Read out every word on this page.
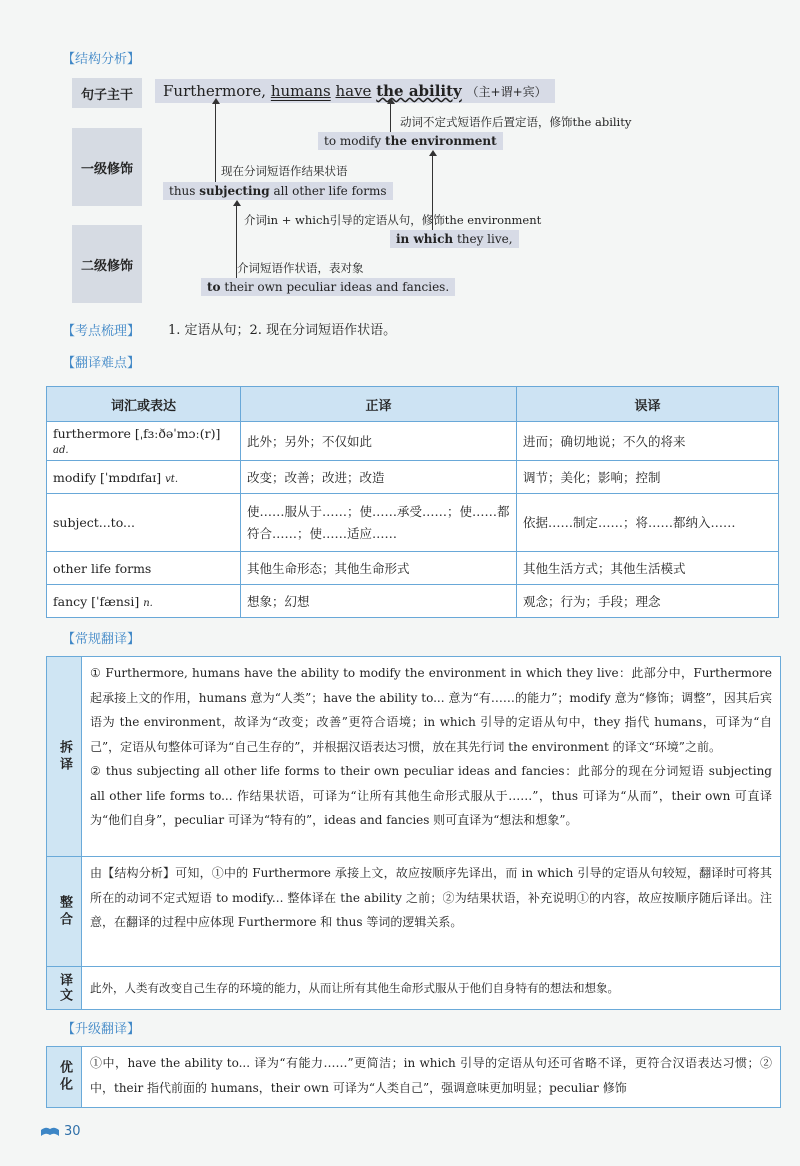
【结构分析】
句子主干
一级修饰
二级修饰
Furthermore, humans have the ability （主+谓+宾）
动词不定式短语作后置定语，修饰the ability
to modify the environment
现在分词短语作结果状语
thus subjecting all other life forms
介词in + which引导的定语从句，修饰the environment
in which they live,
介词短语作状语，表对象
to their own peculiar ideas and fancies.
【考点梳理】 1. 定语从句；2. 现在分词短语作状语。
【翻译难点】
词汇或表达	正译	误译
furthermore [ˌfɜːðəˈmɔː(r)] ad.	此外；另外；不仅如此	进而；确切地说；不久的将来
modify [ˈmɒdɪfaɪ] vt.	改变；改善；改进；改造	调节；美化；影响；控制
subject...to...	使……服从于……；使……承受……；使……都符合……；使……适应……	依据……制定……；将……都纳入……
other life forms	其他生命形态；其他生命形式	其他生活方式；其他生活模式
fancy [ˈfænsi] n.	想象；幻想	观念；行为；手段；理念
【常规翻译】
拆译

① Furthermore, humans have the ability to modify the environment in which they live：此部分中，Furthermore起承接上文的作用，humans 意为“人类”；have the ability to... 意为“有……的能力”；modify 意为“修饰；调整”，因其后宾语为 the environment，故译为“改变；改善”更符合语境；in which 引导的定语从句中，they 指代 humans，可译为“自己”，定语从句整体可译为“自己生存的”，并根据汉语表达习惯，放在其先行词 the environment 的译文“环境”之前。

② thus subjecting all other life forms to their own peculiar ideas and fancies：此部分的现在分词短语 subjecting all other life forms to... 作结果状语，可译为“让所有其他生命形式服从于……”，thus 可译为“从而”，their own 可直译为“他们自身”，peculiar 可译为“特有的”，ideas and fancies 则可直译为“想法和想象”。

整合

由【结构分析】可知，①中的 Furthermore 承接上文，故应按顺序先译出，而 in which 引导的定语从句较短，翻译时可将其所在的动词不定式短语 to modify... 整体译在 the ability 之前；②为结果状语，补充说明①的内容，故应按顺序随后译出。注意，在翻译的过程中应体现 Furthermore 和 thus 等词的逻辑关系。

译文 此外，人类有改变自己生存的环境的能力，从而让所有其他生命形式服从于他们自身特有的想法和想象。

【升级翻译】
优化 ①中，have the ability to... 译为“有能力……”更简洁；in which 引导的定语从句还可省略不译，更符合汉语表达习惯；②中，their 指代前面的 humans，their own 可译为“人类自己”，强调意味更加明显；peculiar 修饰

30
